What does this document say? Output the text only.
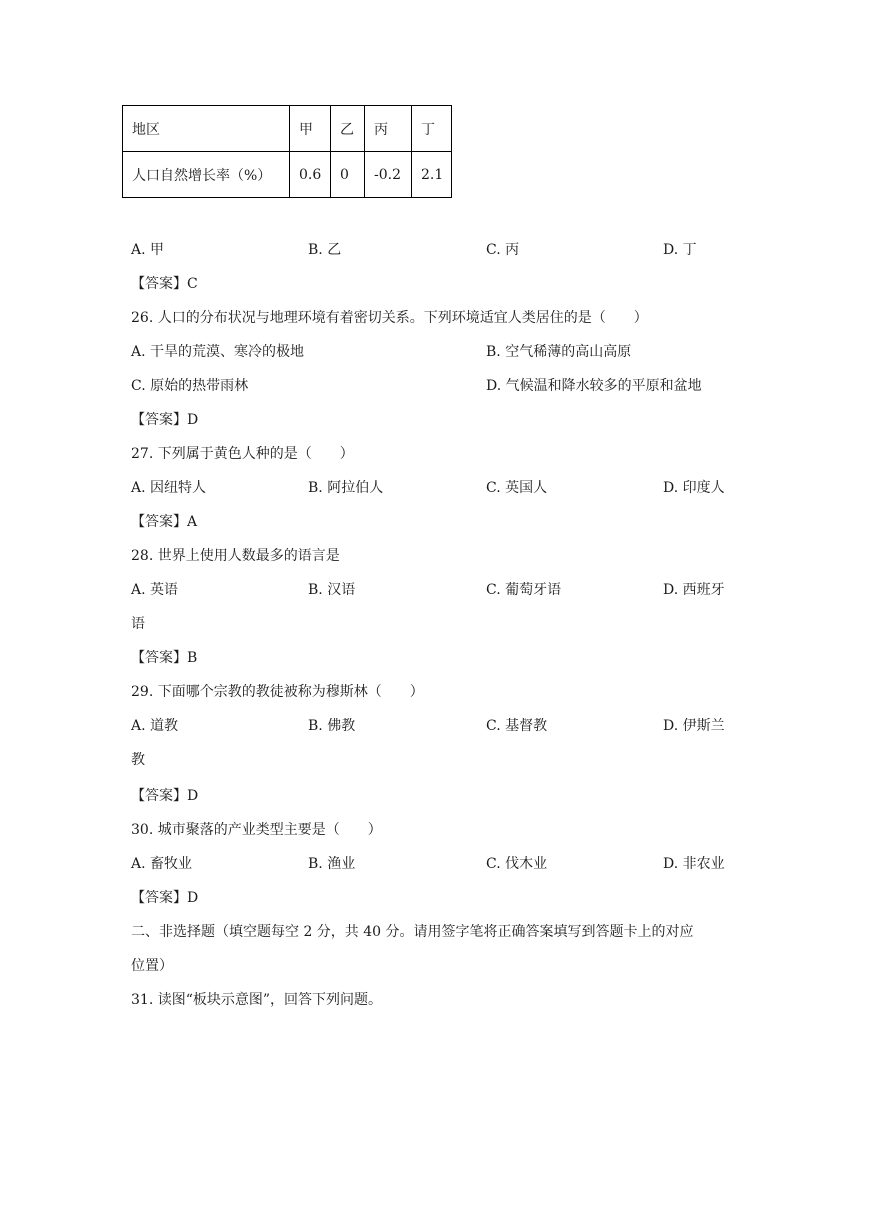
地区	甲	乙	丙	丁
人口自然增长率（%）	0.6	0	-0.2	2.1
A. 甲	B. 乙	C. 丙	D. 丁
【答案】C
26. 人口的分布状况与地理环境有着密切关系。下列环境适宜人类居住的是（　　）
A. 干旱的荒漠、寒冷的极地	B. 空气稀薄的高山高原
C. 原始的热带雨林	D. 气候温和降水较多的平原和盆地
【答案】D
27. 下列属于黄色人种的是（　　）
A. 因纽特人	B. 阿拉伯人	C. 英国人	D. 印度人
【答案】A
28. 世界上使用人数最多的语言是
A. 英语	B. 汉语	C. 葡萄牙语	D. 西班牙
语
【答案】B
29. 下面哪个宗教的教徒被称为穆斯林（　　）
A. 道教	B. 佛教	C. 基督教	D. 伊斯兰
教
【答案】D
30. 城市聚落的产业类型主要是（　　）
A. 畜牧业	B. 渔业	C. 伐木业	D. 非农业
【答案】D
二、非选择题（填空题每空 2 分，共 40 分。请用签字笔将正确答案填写到答题卡上的对应
位置）
31. 读图“板块示意图”，回答下列问题。
